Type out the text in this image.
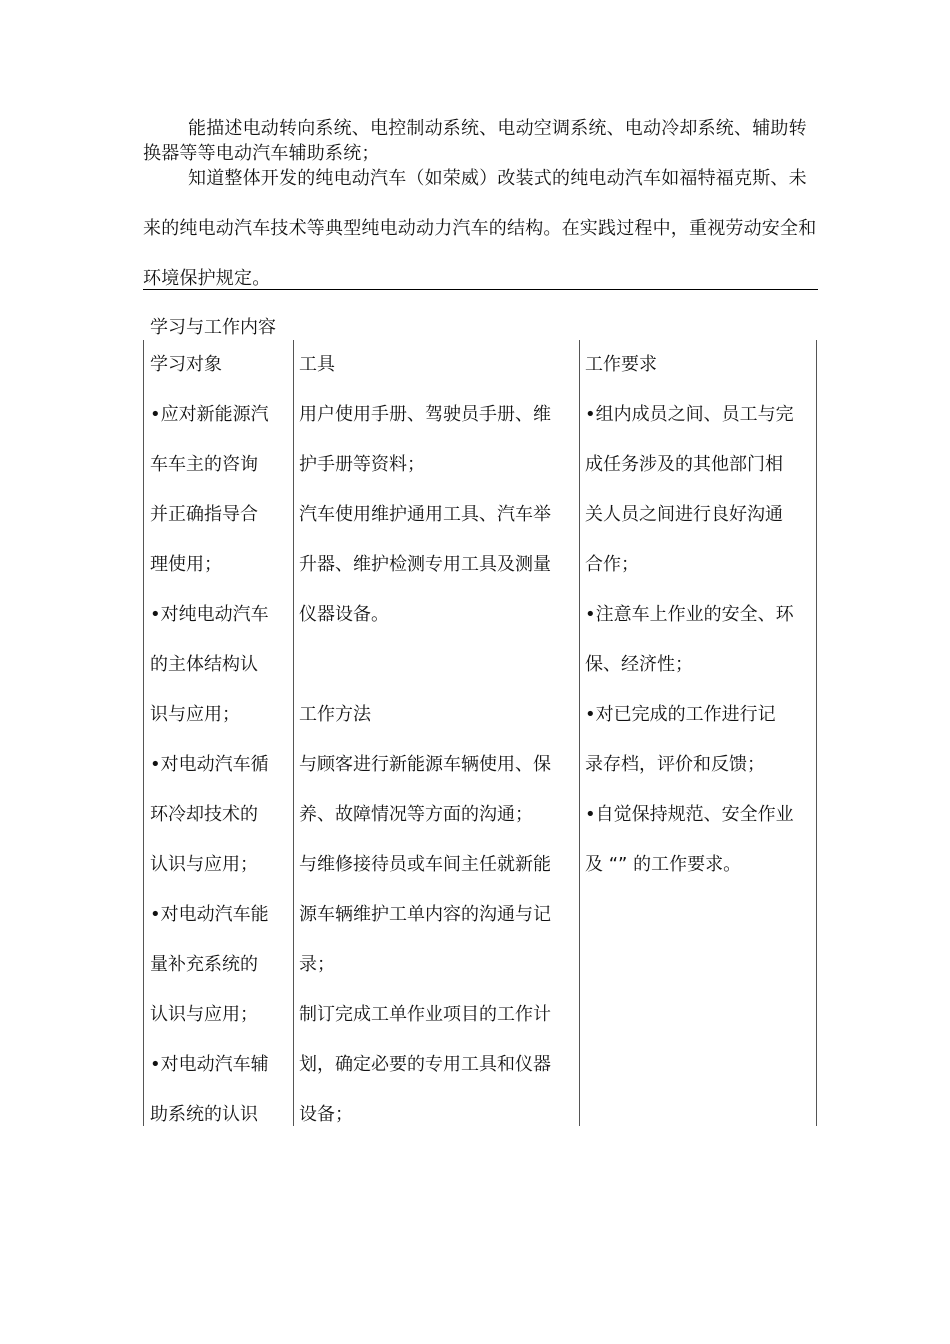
能描述电动转向系统、电控制动系统、电动空调系统、电动冷却系统、辅助转换器等等电动汽车辅助系统；

知道整体开发的纯电动汽车（如荣威）改装式的纯电动汽车如福特福克斯、未来的纯电动汽车技术等典型纯电动动力汽车的结构。在实践过程中，重视劳动安全和环境保护规定。

学习与工作内容
学习对象
•应对新能源汽
车车主的咨询
并正确指导合
理使用；
•对纯电动汽车
的主体结构认
识与应用；
•对电动汽车循
环冷却技术的
认识与应用；
•对电动汽车能
量补充系统的
认识与应用；
•对电动汽车辅
助系统的认识
工具
用户使用手册、驾驶员手册、维
护手册等资料；
汽车使用维护通用工具、汽车举
升器、维护检测专用工具及测量
仪器设备。
工作方法
与顾客进行新能源车辆使用、保
养、故障情况等方面的沟通；
与维修接待员或车间主任就新能
源车辆维护工单内容的沟通与记
录；
制订完成工单作业项目的工作计
划，确定必要的专用工具和仪器
设备；
工作要求
•组内成员之间、员工与完
成任务涉及的其他部门相
关人员之间进行良好沟通
合作；
•注意车上作业的安全、环
保、经济性；
•对已完成的工作进行记
录存档，评价和反馈；
•自觉保持规范、安全作业
及 “” 的工作要求。
